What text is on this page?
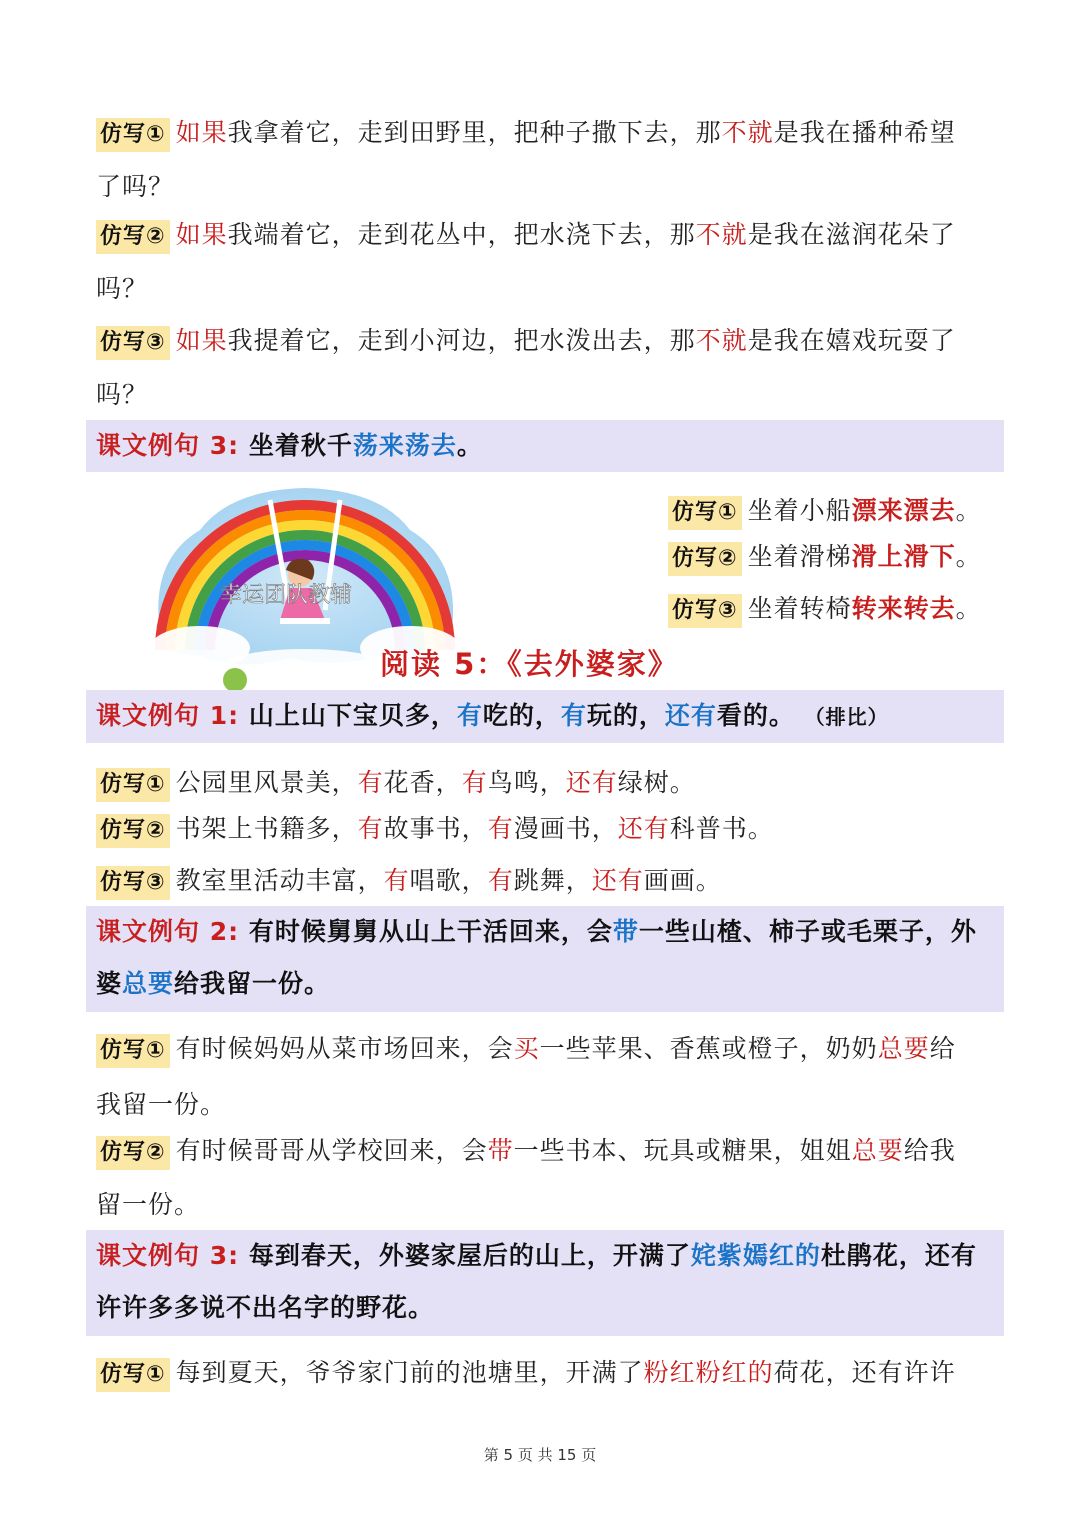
仿写① 如果我拿着它，走到田野里，把种子撒下去，那不就是我在播种希望
了吗？
仿写② 如果我端着它，走到花丛中，把水浇下去，那不就是我在滋润花朵了
吗？
仿写③ 如果我提着它，走到小河边，把水泼出去，那不就是我在嬉戏玩耍了
吗？
课文例句 3: 坐着秋千荡来荡去。
幸运团队教辅
仿写① 坐着小船漂来漂去。
仿写② 坐着滑梯滑上滑下。
仿写③ 坐着转椅转来转去。
阅读 5：《去外婆家》
课文例句 1: 山上山下宝贝多，有吃的，有玩的，还有看的。 （排比）
仿写① 公园里风景美，有花香，有鸟鸣，还有绿树。
仿写② 书架上书籍多，有故事书，有漫画书，还有科普书。
仿写③ 教室里活动丰富，有唱歌，有跳舞，还有画画。
课文例句 2: 有时候舅舅从山上干活回来，会带一些山楂、柿子或毛栗子，外
婆总要给我留一份。
仿写① 有时候妈妈从菜市场回来，会买一些苹果、香蕉或橙子，奶奶总要给
我留一份。
仿写② 有时候哥哥从学校回来，会带一些书本、玩具或糖果，姐姐总要给我
留一份。
课文例句 3: 每到春天，外婆家屋后的山上，开满了姹紫嫣红的杜鹃花，还有
许许多多说不出名字的野花。
仿写① 每到夏天，爷爷家门前的池塘里，开满了粉红粉红的荷花，还有许许
第 5 页 共 15 页
